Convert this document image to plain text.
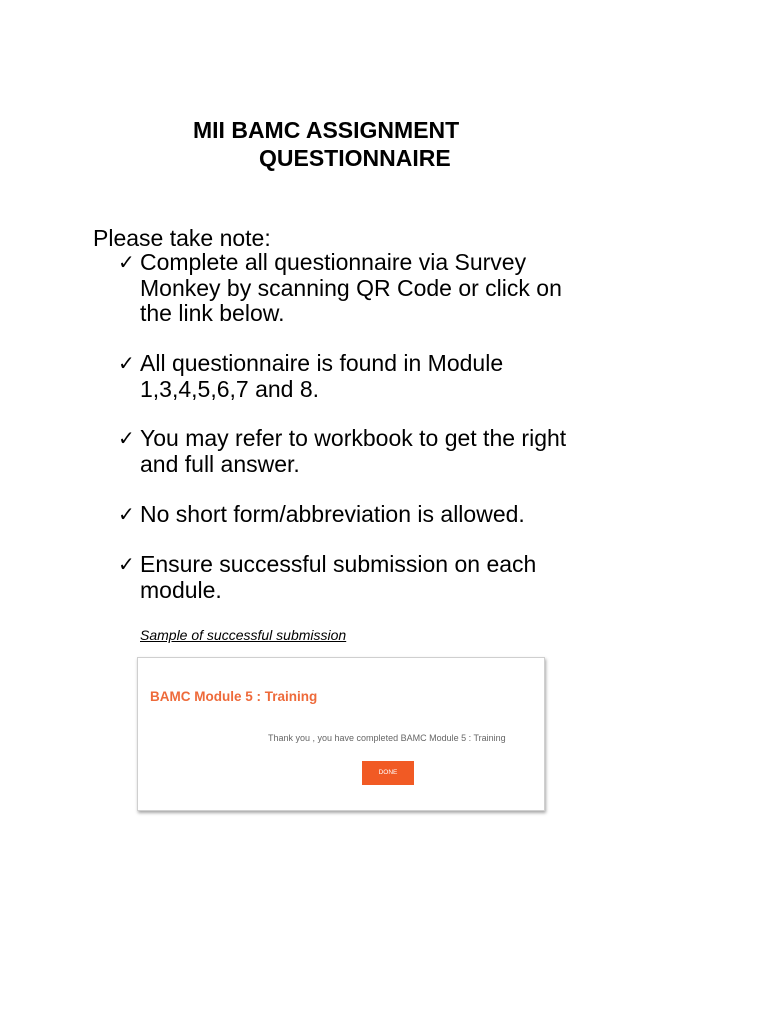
MII BAMC ASSIGNMENT
QUESTIONNAIRE

Please take note:

✓ Complete all questionnaire via Survey Monkey by scanning QR Code or click on the link below.
✓ All questionnaire is found in Module 1,3,4,5,6,7 and 8.
✓ You may refer to workbook to get the right and full answer.
✓ No short form/abbreviation is allowed.
✓ Ensure successful submission on each module.
Sample of successful submission
BAMC Module 5 : Training
Thank you , you have completed BAMC Module 5 : Training
DONE
